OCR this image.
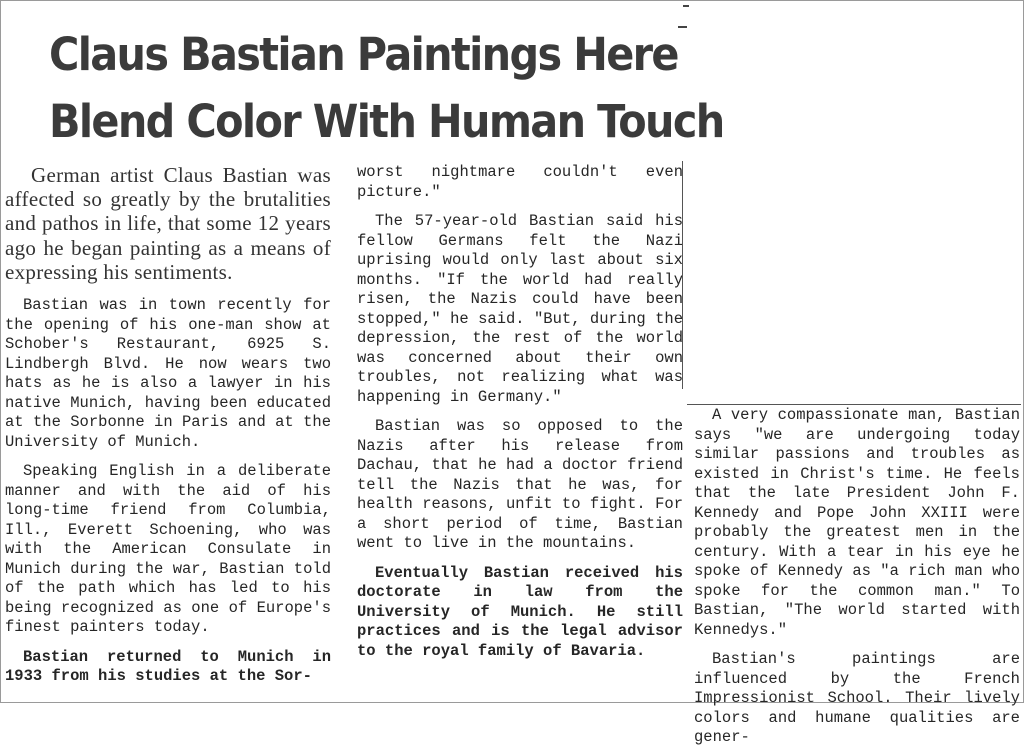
Claus Bastian Paintings Here
Blend Color With Human Touch

German artist Claus Bastian was affected so greatly by the brutalities and pathos in life, that some 12 years ago he began painting as a means of expressing his sentiments.

Bastian was in town recently for the opening of his one-man show at Schober's Restaurant, 6925 S. Lindbergh Blvd. He now wears two hats as he is also a lawyer in his native Munich, having been educated at the Sorbonne in Paris and at the University of Munich.

Speaking English in a deliberate manner and with the aid of his long-time friend from Columbia, Ill., Everett Schoening, who was with the American Consulate in Munich during the war, Bastian told of the path which has led to his being recognized as one of Europe's finest painters today.

Bastian returned to Munich in 1933 from his studies at the Sor-

worst nightmare couldn't even picture."

The 57-year-old Bastian said his fellow Germans felt the Nazi uprising would only last about six months. "If the world had really risen, the Nazis could have been stopped," he said. "But, during the depression, the rest of the world was concerned about their own troubles, not realizing what was happening in Germany."

Bastian was so opposed to the Nazis after his release from Dachau, that he had a doctor friend tell the Nazis that he was, for health reasons, unfit to fight. For a short period of time, Bastian went to live in the mountains.

Eventually Bastian received his doctorate in law from the University of Munich. He still practices and is the legal advisor to the royal family of Bavaria.

A very compassionate man, Bastian says "we are undergoing today similar passions and troubles as existed in Christ's time. He feels that the late President John F. Kennedy and Pope John XXIII were probably the greatest men in the century. With a tear in his eye he spoke of Kennedy as "a rich man who spoke for the common man." To Bastian, "The world started with Kennedys."

Bastian's paintings are influenced by the French Impressionist School. Their lively colors and humane qualities are gener-
